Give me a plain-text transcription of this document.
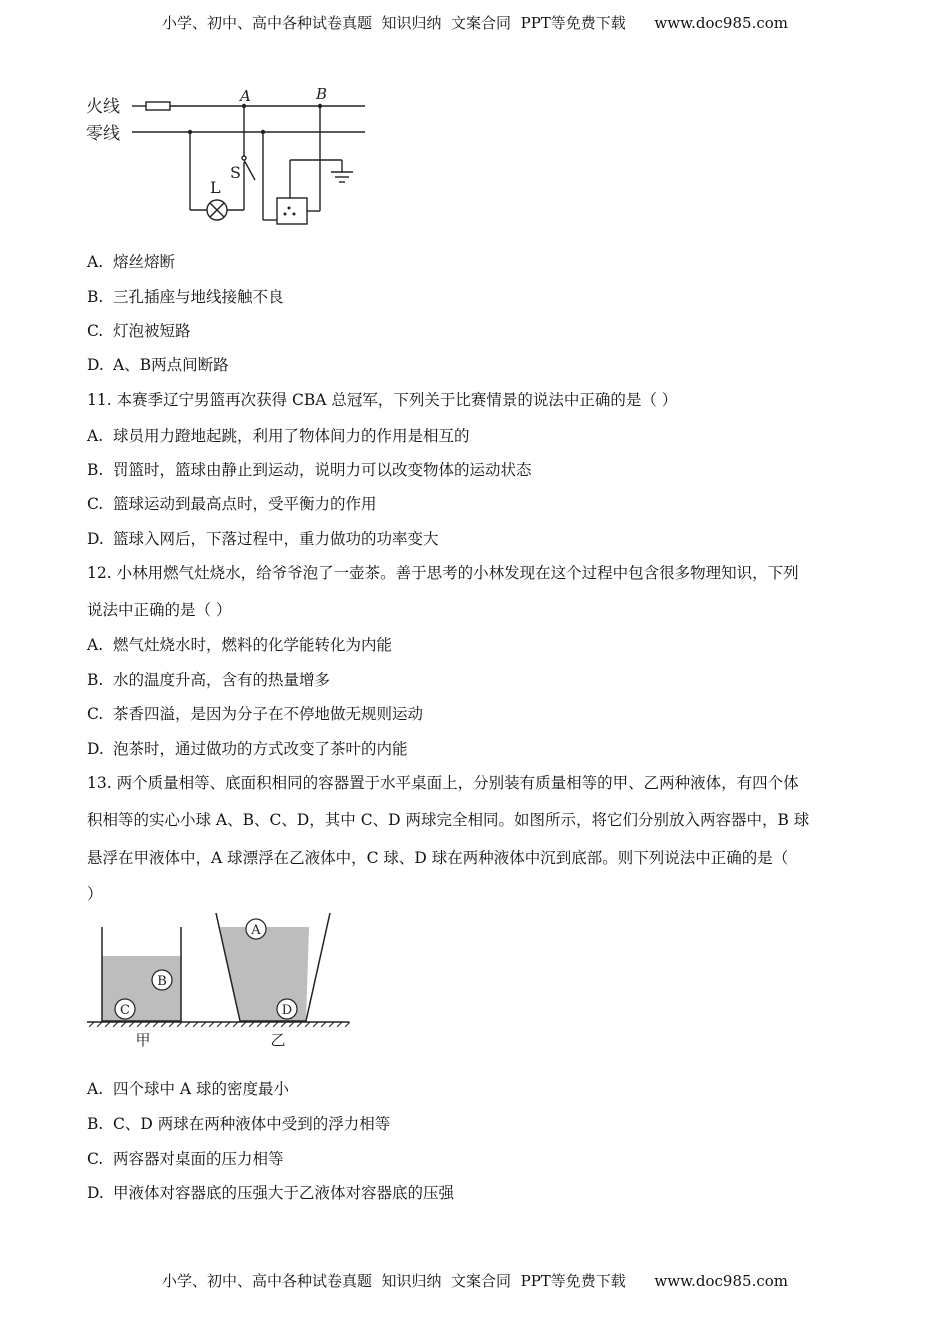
小学、初中、高中各种试卷真题  知识归纳  文案合同  PPT等免费下载      www.doc985.com
火线
零线
A	B
S
L
A. 熔丝熔断
B. 三孔插座与地线接触不良
C. 灯泡被短路
D. A、B两点间断路
11. 本赛季辽宁男篮再次获得 CBA 总冠军，下列关于比赛情景的说法中正确的是（ ）
A. 球员用力蹬地起跳，利用了物体间力的作用是相互的
B. 罚篮时，篮球由静止到运动，说明力可以改变物体的运动状态
C. 篮球运动到最高点时，受平衡力的作用
D. 篮球入网后，下落过程中，重力做功的功率变大
12. 小林用燃气灶烧水，给爷爷泡了一壶茶。善于思考的小林发现在这个过程中包含很多物理知识，下列
说法中正确的是（ ）
A. 燃气灶烧水时，燃料的化学能转化为内能
B. 水的温度升高，含有的热量增多
C. 茶香四溢，是因为分子在不停地做无规则运动
D. 泡茶时，通过做功的方式改变了茶叶的内能
13. 两个质量相等、底面积相同的容器置于水平桌面上，分别装有质量相等的甲、乙两种液体，有四个体
积相等的实心小球 A、B、C、D，其中 C、D 两球完全相同。如图所示，将它们分别放入两容器中，B 球
悬浮在甲液体中，A 球漂浮在乙液体中，C 球、D 球在两种液体中沉到底部。则下列说法中正确的是（
）
B
C
A
D
甲	乙
A. 四个球中 A 球的密度最小
B. C、D 两球在两种液体中受到的浮力相等
C. 两容器对桌面的压力相等
D. 甲液体对容器底的压强大于乙液体对容器底的压强
小学、初中、高中各种试卷真题  知识归纳  文案合同  PPT等免费下载      www.doc985.com
